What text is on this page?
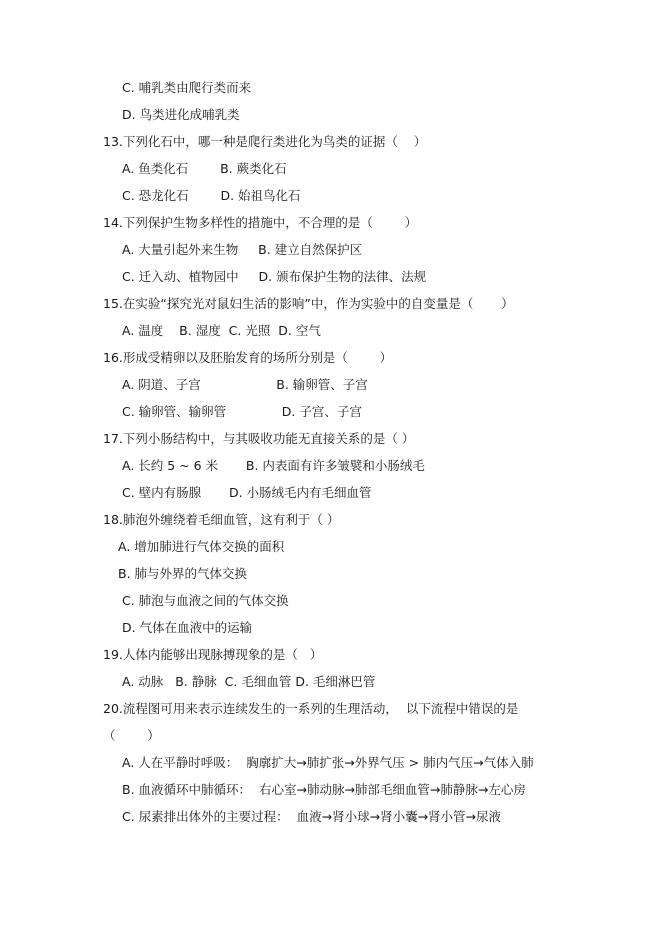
C. 哺乳类由爬行类而来
D. 鸟类进化成哺乳类
13.下列化石中，哪一种是爬行类进化为鸟类的证据（    ）
A. 鱼类化石        B. 蕨类化石
C. 恐龙化石        D. 始祖鸟化石
14.下列保护生物多样性的措施中，不合理的是（        ）
A. 大量引起外来生物     B. 建立自然保护区
C. 迁入动、植物园中     D. 颁布保护生物的法律、法规
15.在实验“探究光对鼠妇生活的影响”中，作为实验中的自变量是（       ）
A. 温度    B. 湿度  C. 光照  D. 空气
16.形成受精卵以及胚胎发育的场所分别是（        ）
A. 阴道、子宫                   B. 输卵管、子宫
C. 输卵管、输卵管              D. 子宫、子宫
17.下列小肠结构中，与其吸收功能无直接关系的是（ ）
A. 长约 5 ~ 6 米       B. 内表面有许多皱襞和小肠绒毛
C. 壁内有肠腺       D. 小肠绒毛内有毛细血管
18.肺泡外缠绕着毛细血管，这有利于（ ）
A. 增加肺进行气体交换的面积
B. 肺与外界的气体交换
C. 肺泡与血液之间的气体交换
D. 气体在血液中的运输
19.人体内能够出现脉搏现象的是（   ）
A. 动脉   B. 静脉  C. 毛细血管 D. 毛细淋巴管
20.流程图可用来表示连续发生的一系列的生理活动，  以下流程中错误的是
（        ）
A. 人在平静时呼吸：  胸廓扩大→肺扩张→外界气压 > 肺内气压→气体入肺
B. 血液循环中肺循环：  右心室→肺动脉→肺部毛细血管→肺静脉→左心房
C. 尿素排出体外的主要过程：  血液→肾小球→肾小囊→肾小管→尿液
